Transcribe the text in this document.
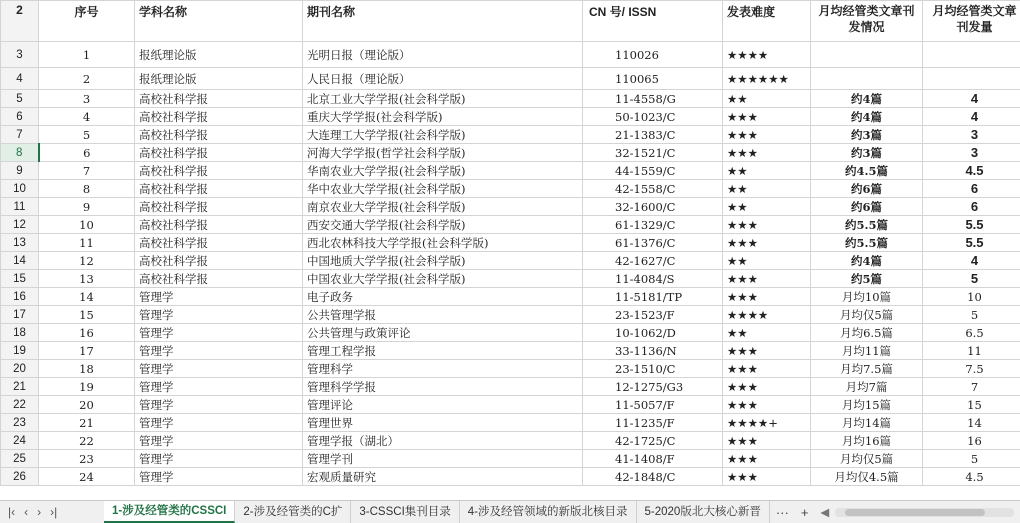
2	序号	学科名称	期刊名称	CN 号/ ISSN	发表难度	月均经管类文章刊发情况	月均经管类文章刊发量
3	1	报纸理论版	光明日报（理论版）	110026	★★★★		
4	2	报纸理论版	人民日报（理论版）	110065	★★★★★★		
5	3	高校社科学报	北京工业大学学报(社会科学版)	11-4558/G	★★	约4篇	4
6	4	高校社科学报	重庆大学学报(社会科学版)	50-1023/C	★★★	约4篇	4
7	5	高校社科学报	大连理工大学学报(社会科学版)	21-1383/C	★★★	约3篇	3
8	6	高校社科学报	河海大学学报(哲学社会科学版)	32-1521/C	★★★	约3篇	3
9	7	高校社科学报	华南农业大学学报(社会科学版)	44-1559/C	★★	约4.5篇	4.5
10	8	高校社科学报	华中农业大学学报(社会科学版)	42-1558/C	★★	约6篇	6
11	9	高校社科学报	南京农业大学学报(社会科学版)	32-1600/C	★★	约6篇	6
12	10	高校社科学报	西安交通大学学报(社会科学版)	61-1329/C	★★★	约5.5篇	5.5
13	11	高校社科学报	西北农林科技大学学报(社会科学版)	61-1376/C	★★★	约5.5篇	5.5
14	12	高校社科学报	中国地质大学学报(社会科学版)	42-1627/C	★★	约4篇	4
15	13	高校社科学报	中国农业大学学报(社会科学版)	11-4084/S	★★★	约5篇	5
16	14	管理学	电子政务	11-5181/TP	★★★	月均10篇	10
17	15	管理学	公共管理学报	23-1523/F	★★★★	月均仅5篇	5
18	16	管理学	公共管理与政策评论	10-1062/D	★★	月均6.5篇	6.5
19	17	管理学	管理工程学报	33-1136/N	★★★	月均11篇	11
20	18	管理学	管理科学	23-1510/C	★★★	月均7.5篇	7.5
21	19	管理学	管理科学学报	12-1275/G3	★★★	月均7篇	7
22	20	管理学	管理评论	11-5057/F	★★★	月均15篇	15
23	21	管理学	管理世界	11-1235/F	★★★★+	月均14篇	14
24	22	管理学	管理学报（湖北）	42-1725/C	★★★	月均16篇	16
25	23	管理学	管理学刊	41-1408/F	★★★	月均仅5篇	5
26	24	管理学	宏观质量研究	42-1848/C	★★★	月均仅4.5篇	4.5
|‹ ‹ › ›|	1-涉及经管类的CSSCI	2-涉及经管类的C扩	3-CSSCI集刊目录	4-涉及经管领域的新版北核目录	5-2020版北大核心新晋	··· +	◀
